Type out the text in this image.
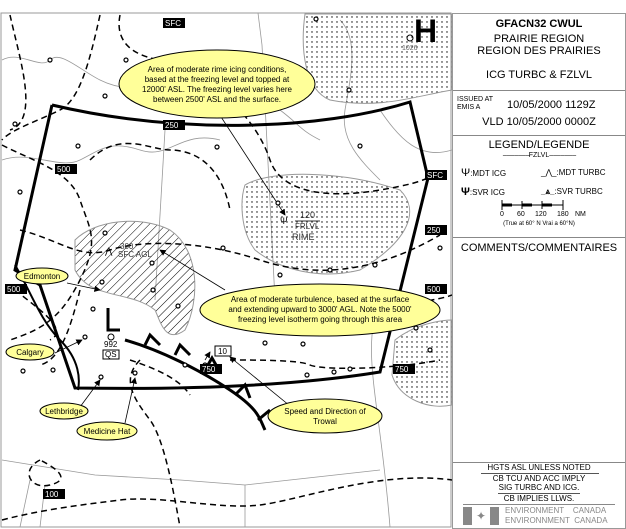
992
QS
H
1026
SFC
250
500
SFC
250
500	500
750	750
100
Ψ
120
FRLVL
RIME
⋀ 300
SFC AGL
10
Area of moderate rime icing conditions,
based at the freezing level and topped at
12000' ASL. The freezing level varies here
between 2500' ASL and the surface.
Area of moderate turbulence, based at the surface
and extending upward to 3000' AGL. Note the 5000'
freezing level isotherm going through this area
Speed and Direction of
Trowal
Edmonton
Calgary
Lethbridge
Medicine Hat
GFACN32 CWUL
PRAIRIE REGION
REGION DES PRAIRIES
ICG TURBC & FZLVL
ISSUED AT
EMIS A	10/05/2000 1129Z
VLD 10/05/2000 0000Z
LEGEND/LEGENDE
– – – – – – –FZLVL– – – – – – –
Ψ:MDT ICG
Ψ:SVR ICG
_⋀_:MDT TURBC
_⩓_:SVR TURBC
0 60 120 180 NM
(True at 60° N Vrai a 60°N)
COMMENTS/COMMENTAIRES
HGTS ASL UNLESS NOTED
CB TCU AND ACC IMPLY
SIG TURBC AND ICG.
CB IMPLIES LLWS.
✦	ENVIRONMENT    CANADA
ENVIRONNMENT  CANADA
